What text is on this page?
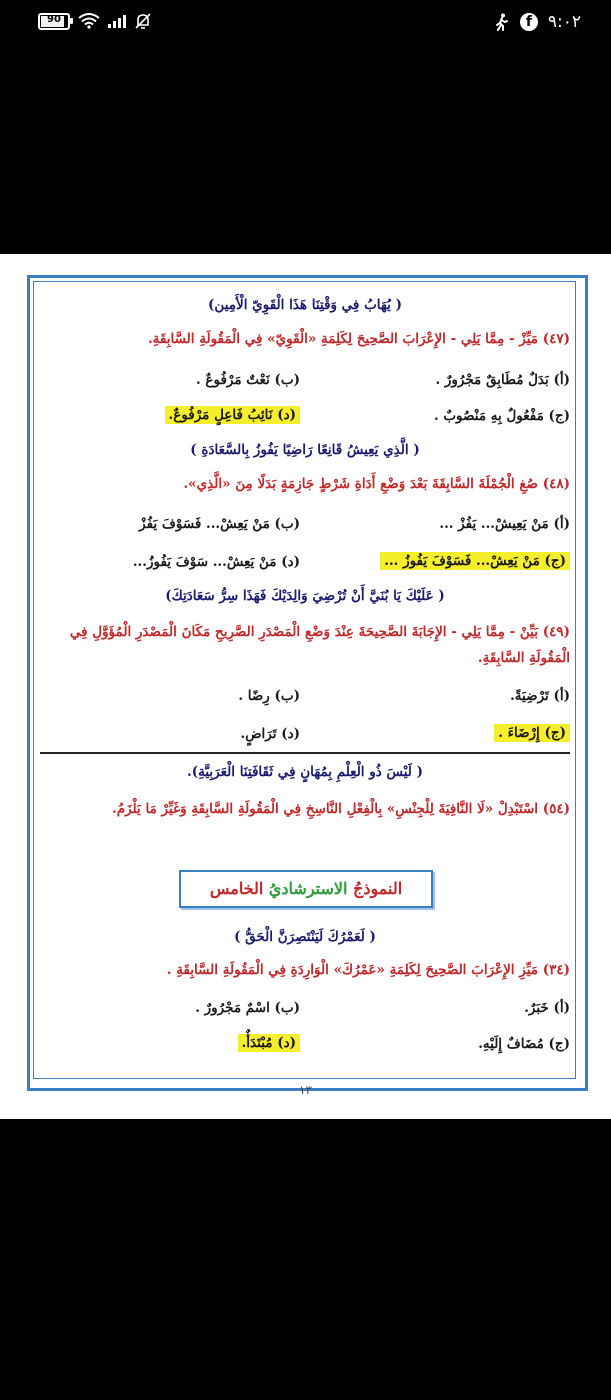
90	f ٩:٠٢
( يُهَابُ فِي وَقْتِنَا هَذَا الْقَوِيّ الْأَمِين)
(٤٧) مَيِّزْ - مِمَّا يَلِي - الإِعْرَابَ الصَّحِيحَ لِكَلِمَةِ «الْقَوِيّ» فِي الْمَقُولَةِ السَّابِقَةِ.
(أ) بَدَلٌ مُطَابِقٌ مَجْرُورٌ .
(ب) نَعْتٌ مَرْفُوعٌ .
(ج) مَفْعُولٌ بِهِ مَنْصُوبٌ .
(د) نَائِبُ فَاعِلٍ مَرْفُوعٌ.
( الَّذِي يَعِيشُ قَانِعًا رَاضِيًا يَفُوزُ بِالسَّعَادَةِ )
(٤٨) صُغِ الْجُمْلَةَ السَّابِقَةَ بَعْدَ وَضْعِ أَدَاةِ شَرْطٍ جَازِمَةٍ بَدَلًا مِنَ «الَّذِي».
(أ) مَنْ يَعِيشْ... يَفُزْ ...
(ب) مَنْ يَعِشْ... فَسَوْفَ يَفُزْ
(ج) مَنْ يَعِشْ... فَسَوْفَ يَفُوزُ ...
(د) مَنْ يَعِشْ... سَوْفَ يَفُوزُ...
( عَلَيْكَ يَا بُنَيَّ أَنْ تُرْضِيَ وَالِدَيْكَ فَهَذَا سِرُّ سَعَادَتِكَ)
(٤٩) بَيِّنْ - مِمَّا يَلِي - الإِجَابَةَ الصَّحِيحَةَ عِنْدَ وَضْعِ الْمَصْدَرِ الصَّرِيحِ مَكَانَ الْمَصْدَرِ الْمُؤَوَّلِ فِي
الْمَقُولَةِ السَّابِقَةِ.
(أ) تَرْضِيَةً.
(ب) رِضًا .
(ج) إِرْضَاءَ .
(د) تَرَاضٍ.
( لَيْسَ ذُو الْعِلْمِ بِمُهَانٍ فِي ثَقَافَتِنَا الْعَرَبِيَّةِ).
(٥٤) اسْتَبْدِلْ «لَا النَّافِيَةَ لِلْجِنْسِ» بِالْفِعْلِ النَّاسِخِ فِي الْمَقُولَةِ السَّابِقَةِ وَغَيِّرْ مَا يَلْزَمُ.
النموذجُ الاسترشاديُ الخامس
( لَعَمْرُكَ لَيَنْتَصِرَنَّ الْحَقُّ )
(٣٤) مَيِّزِ الإِعْرَابَ الصَّحِيحَ لِكَلِمَةِ «عَمْرُكَ» الْوَارِدَةِ فِي الْمَقُولَةِ السَّابِقَةِ .
(أ) خَبَرٌ.
(ب) اسْمٌ مَجْرُورٌ .
(ج) مُضَافٌ إِلَيْهِ.
(د) مُبْتَدَأٌ.
١٣
